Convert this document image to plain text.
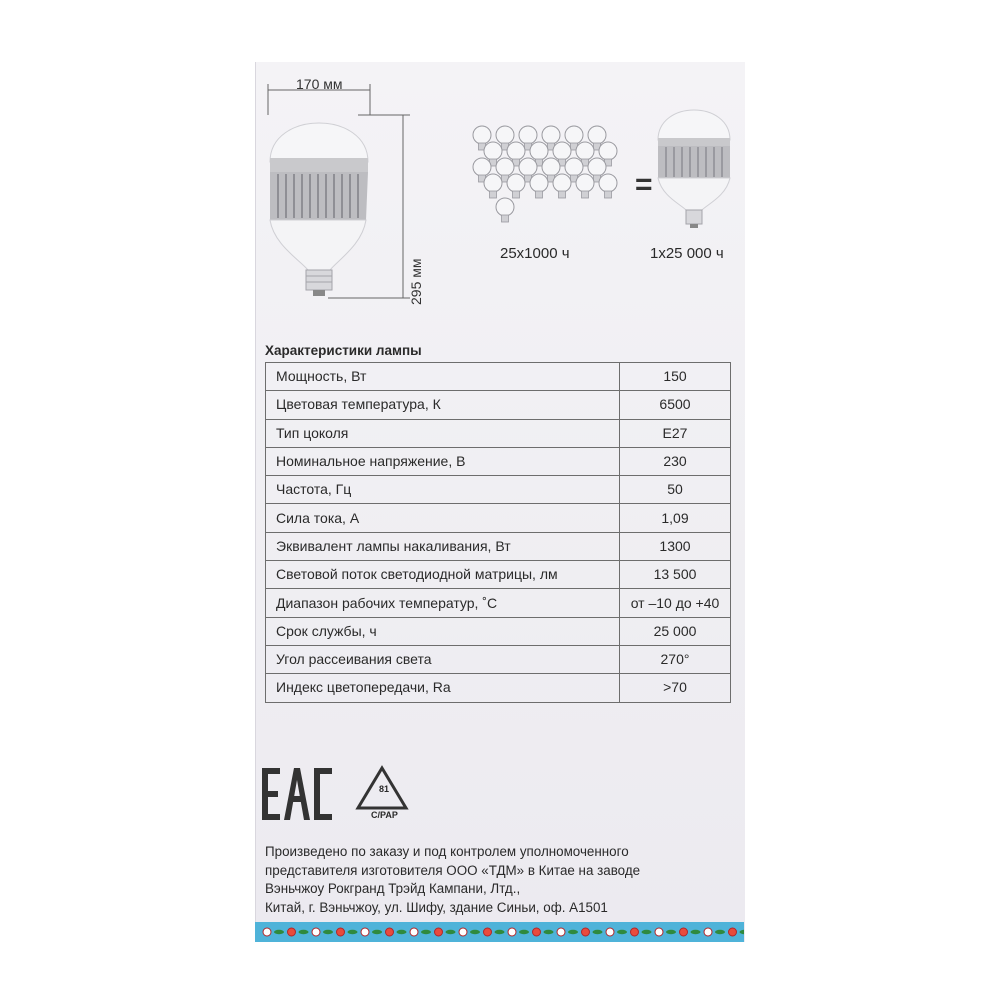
170 мм
295 мм
=
25x1000 ч	1x25 000 ч
Характеристики лампы
Мощность, Вт	150
Цветовая температура, К	6500
Тип цоколя	E27
Номинальное напряжение, В	230
Частота, Гц	50
Сила тока, А	1,09
Эквивалент лампы накаливания, Вт	1300
Световой поток светодиодной матрицы, лм	13 500
Диапазон рабочих температур, ˚С	от –10 до +40
Срок службы, ч	25 000
Угол рассеивания света	270°
Индекс цветопередачи, Ra	>70
81
C/PAP
Произведено по заказу и под контролем уполномоченного
представителя изготовителя ООО «ТДМ» в Китае на заводе
Вэньчжоу Рокгранд Трэйд Кампани, Лтд.,
Китай, г. Вэньчжоу, ул. Шифу, здание Синьи, оф. А1501
